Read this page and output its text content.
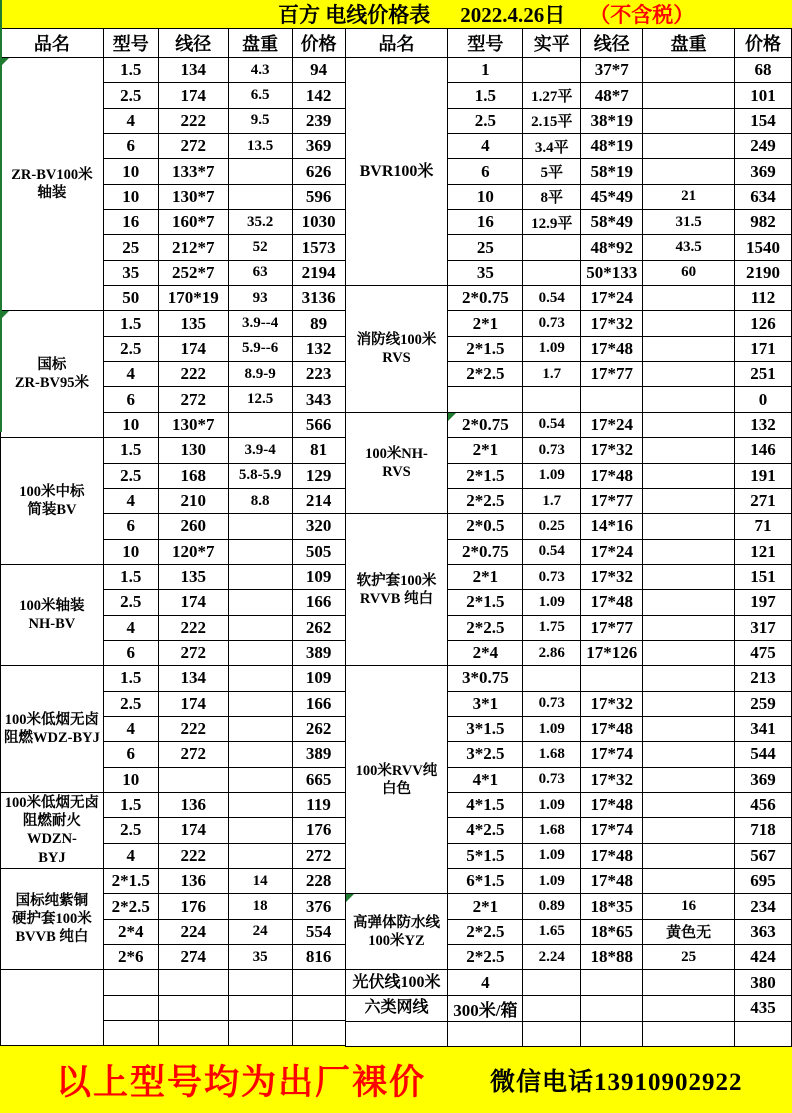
百方 电线价格表 2022.4.26日 （不含税）
品名	型号	线径	盘重	价格
ZR-BV100米
轴装	1.5	134	4.3	94
	2.5	174	6.5	142
	4	222	9.5	239
	6	272	13.5	369
	10	133*7		626
	10	130*7		596
	16	160*7	35.2	1030
	25	212*7	52	1573
	35	252*7	63	2194
	50	170*19	93	3136
国标
ZR-BV95米	1.5	135	3.9--4	89
	2.5	174	5.9--6	132
	4	222	8.9-9	223
	6	272	12.5	343
	10	130*7		566
100米中标
简装BV	1.5	130	3.9-4	81
	2.5	168	5.8-5.9	129
	4	210	8.8	214
	6	260		320
	10	120*7		505
100米轴装
NH-BV	1.5	135		109
	2.5	174		166
	4	222		262
	6	272		389
100米低烟无卤
阻燃WDZ-BYJ	1.5	134		109
	2.5	174		166
	4	222		262
	6	272		389
	10			665
100米低烟无卤
阻燃耐火WDZN-
BYJ	1.5	136		119
	2.5	174		176
	4	222		272
国标纯紫铜
硬护套100米
BVVB 纯白	2*1.5	136	14	228
	2*2.5	176	18	376
	2*4	224	24	554
	2*6	274	35	816

品名	型号	实平	线径	盘重	价格
BVR100米	1		37*7		68
	1.5	1.27平	48*7		101
	2.5	2.15平	38*19		154
	4	3.4平	48*19		249
	6	5平	58*19		369
	10	8平	45*49	21	634
	16	12.9平	58*49	31.5	982
	25		48*92	43.5	1540
	35		50*133	60	2190
消防线100米
RVS	2*0.75	0.54	17*24		112
	2*1	0.73	17*32		126
	2*1.5	1.09	17*48		171
	2*2.5	1.7	17*77		251
					0
100米NH-
RVS	2*0.75	0.54	17*24		132
	2*1	0.73	17*32		146
	2*1.5	1.09	17*48		191
	2*2.5	1.7	17*77		271
软护套100米
RVVB 纯白	2*0.5	0.25	14*16		71
	2*0.75	0.54	17*24		121
	2*1	0.73	17*32		151
	2*1.5	1.09	17*48		197
	2*2.5	1.75	17*77		317
	2*4	2.86	17*126		475
100米RVV纯
白色	3*0.75				213
	3*1	0.73	17*32		259
	3*1.5	1.09	17*48		341
	3*2.5	1.68	17*74		544
	4*1	0.73	17*32		369
	4*1.5	1.09	17*48		456
	4*2.5	1.68	17*74		718
	5*1.5	1.09	17*48		567
	6*1.5	1.09	17*48		695
高弹体防水线
100米YZ	2*1	0.89	18*35	16	234
	2*2.5	1.65	18*65	黄色无	363
	2*2.5	2.24	18*88	25	424
光伏线100米	4				380
六类网线	300米/箱				435

以上型号均为出厂裸价	微信电话13910902922
